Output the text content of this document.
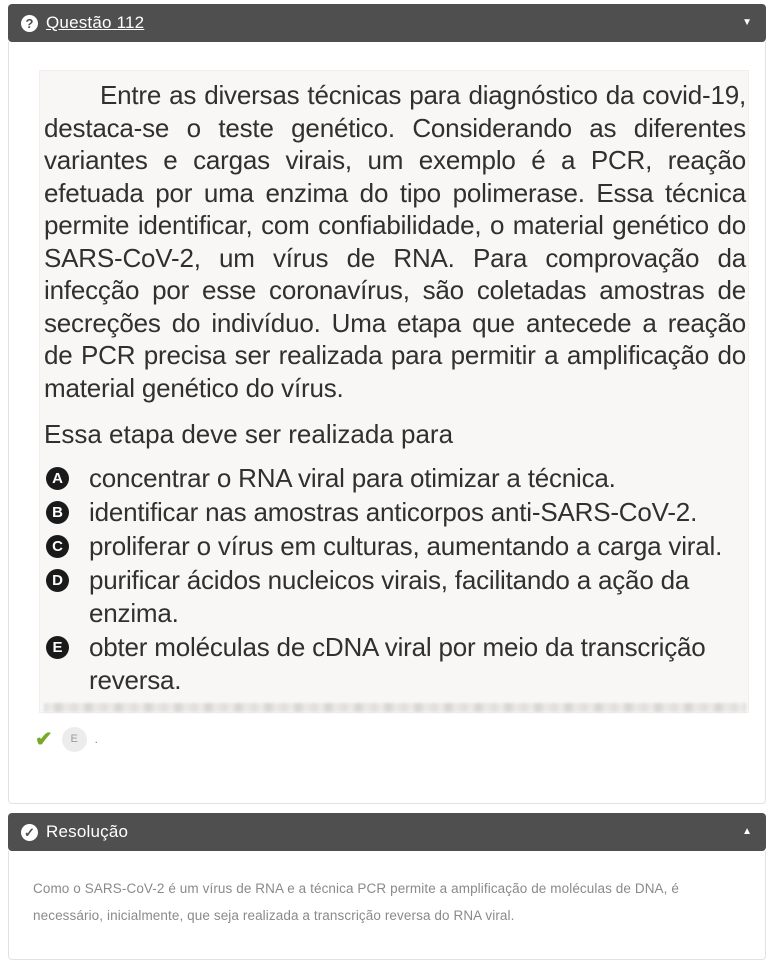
? Questão 112	▼

Entre as diversas técnicas para diagnóstico da covid-19, destaca-se o teste genético. Considerando as diferentes variantes e cargas virais, um exemplo é a PCR, reação efetuada por uma enzima do tipo polimerase. Essa técnica permite identificar, com confiabilidade, o material genético do SARS-CoV-2, um vírus de RNA. Para comprovação da infecção por esse coronavírus, são coletadas amostras de secreções do indivíduo. Uma etapa que antecede a reação de PCR precisa ser realizada para permitir a amplificação do material genético do vírus.

Essa etapa deve ser realizada para

A concentrar o RNA viral para otimizar a técnica.
B identificar nas amostras anticorpos anti-SARS-CoV-2.
C proliferar o vírus em culturas, aumentando a carga viral.
D purificar ácidos nucleicos virais, facilitando a ação da enzima.
E obter moléculas de cDNA viral por meio da transcrição reversa.
✔	E	.
✓ Resolução	▲

Como o SARS-CoV-2 é um vírus de RNA e a técnica PCR permite a amplificação de moléculas de DNA, é necessário, inicialmente, que seja realizada a transcrição reversa do RNA viral.
